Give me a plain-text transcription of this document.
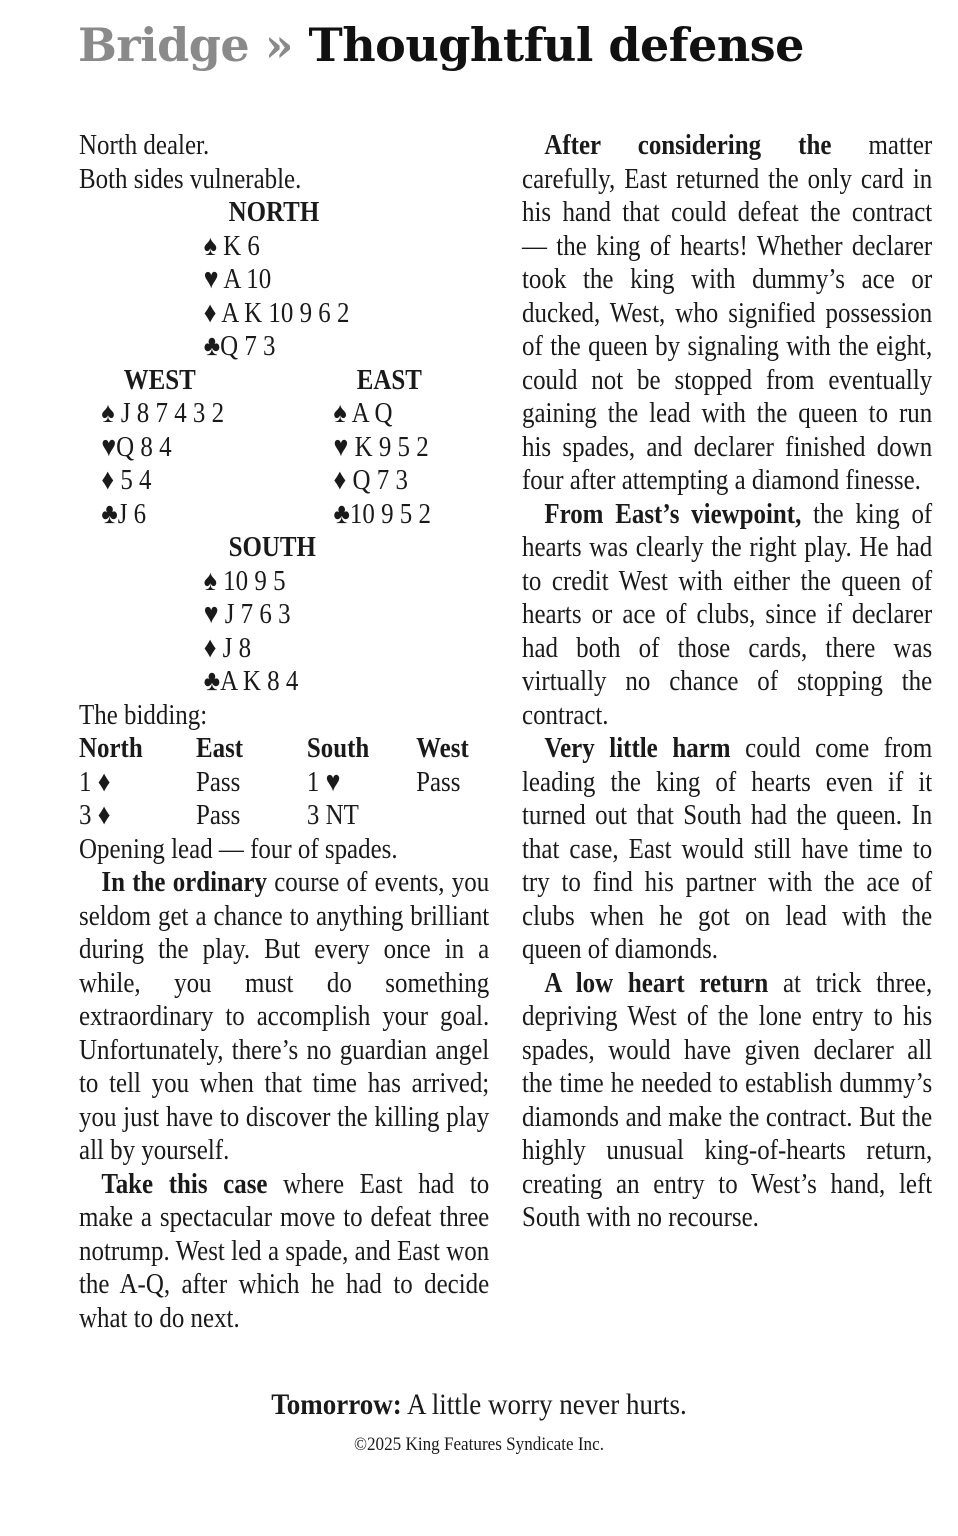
Bridge » Thoughtful defense
North dealer.
Both sides vulnerable.
NORTH
♠ K 6
♥ A 10
♦ A K 10 9 6 2
♣Q 7 3
WEST
♠ J 8 7 4 3 2
♥Q 8 4
♦ 5 4
♣J 6
EAST
♠ A Q
♥ K 9 5 2
♦ Q 7 3
♣10 9 5 2
SOUTH
♠ 10 9 5
♥ J 7 6 3
♦ J 8
♣A K 8 4
The bidding:
North	East	South	West
1 ♦	Pass	1 ♥	Pass
3 ♦	Pass	3 NT	
Opening lead — four of spades.

In the ordinary course of events, you seldom get a chance to anything brilliant during the play. But every once in a while, you must do something extraordinary to accomplish your goal. Unfortunately, there’s no guardian angel to tell you when that time has arrived; you just have to discover the killing play all by yourself.

Take this case where East had to make a spectacular move to defeat three notrump. West led a spade, and East won the A-Q, after which he had to decide what to do next.

After considering the matter carefully, East returned the only card in his hand that could defeat the contract — the king of hearts! Whether declarer took the king with dummy’s ace or ducked, West, who signified possession of the queen by signaling with the eight, could not be stopped from eventually gaining the lead with the queen to run his spades, and declarer finished down four after attempting a diamond finesse.

From East’s viewpoint, the king of hearts was clearly the right play. He had to credit West with either the queen of hearts or ace of clubs, since if declarer had both of those cards, there was virtually no chance of stopping the contract.

Very little harm could come from leading the king of hearts even if it turned out that South had the queen. In that case, East would still have time to try to find his partner with the ace of clubs when he got on lead with the queen of diamonds.

A low heart return at trick three, depriving West of the lone entry to his spades, would have given declarer all the time he needed to establish dummy’s diamonds and make the contract. But the highly unusual king-of-hearts return, creating an entry to West’s hand, left South with no recourse.

Tomorrow: A little worry never hurts.
©2025 King Features Syndicate Inc.
